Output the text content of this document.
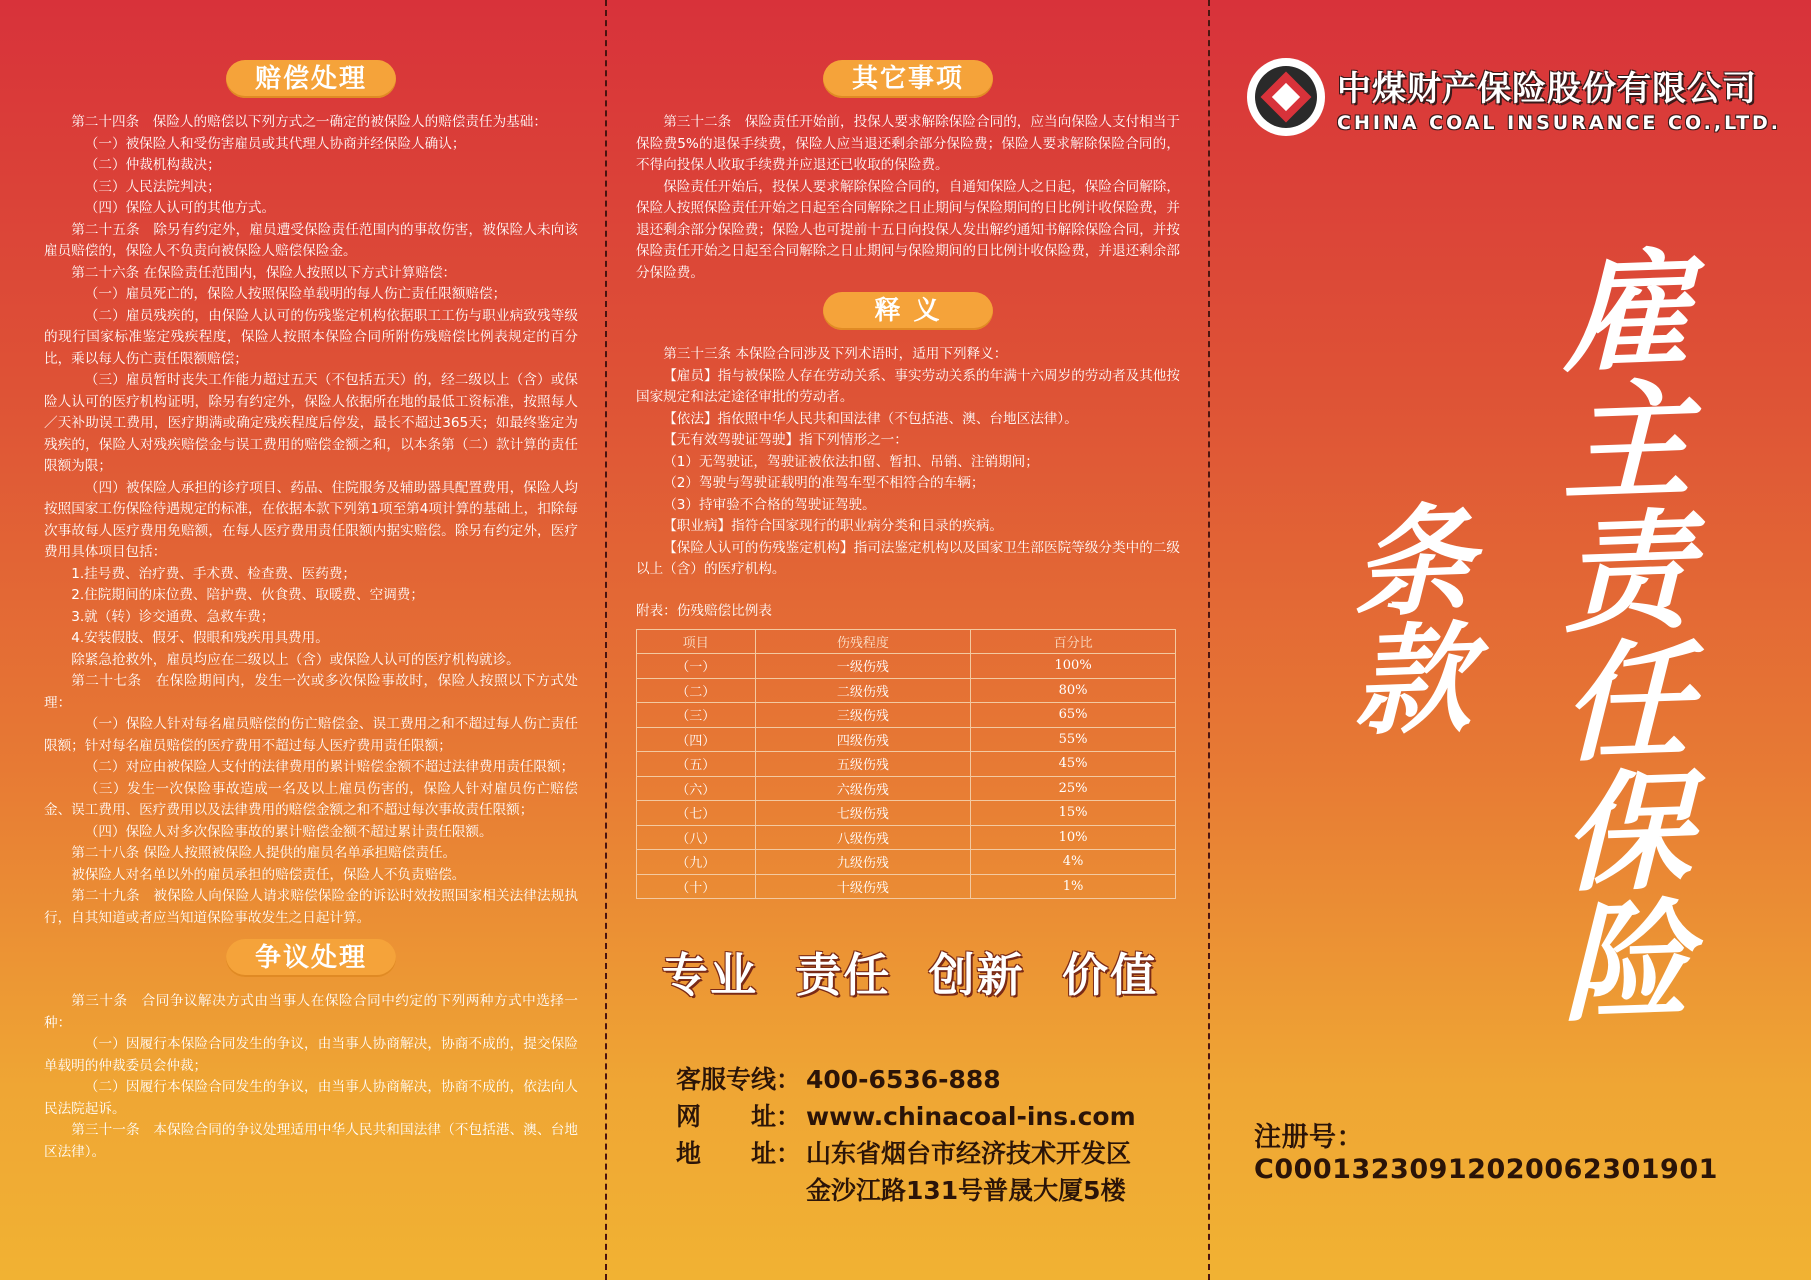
赔偿处理

第二十四条　保险人的赔偿以下列方式之一确定的被保险人的赔偿责任为基础：

（一）被保险人和受伤害雇员或其代理人协商并经保险人确认；

（二）仲裁机构裁决；

（三）人民法院判决；

（四）保险人认可的其他方式。

第二十五条　除另有约定外，雇员遭受保险责任范围内的事故伤害，被保险人未向该雇员赔偿的，保险人不负责向被保险人赔偿保险金。

第二十六条 在保险责任范围内，保险人按照以下方式计算赔偿：

（一）雇员死亡的，保险人按照保险单载明的每人伤亡责任限额赔偿；

（二）雇员残疾的，由保险人认可的伤残鉴定机构依据职工工伤与职业病致残等级的现行国家标准鉴定残疾程度，保险人按照本保险合同所附伤残赔偿比例表规定的百分比，乘以每人伤亡责任限额赔偿；

（三）雇员暂时丧失工作能力超过五天（不包括五天）的，经二级以上（含）或保险人认可的医疗机构证明，除另有约定外，保险人依据所在地的最低工资标准，按照每人／天补助误工费用，医疗期满或确定残疾程度后停发，最长不超过365天；如最终鉴定为残疾的，保险人对残疾赔偿金与误工费用的赔偿金额之和，以本条第（二）款计算的责任限额为限；

（四）被保险人承担的诊疗项目、药品、住院服务及辅助器具配置费用，保险人均按照国家工伤保险待遇规定的标准，在依据本款下列第1项至第4项计算的基础上，扣除每次事故每人医疗费用免赔额，在每人医疗费用责任限额内据实赔偿。除另有约定外，医疗费用具体项目包括：

1.挂号费、治疗费、手术费、检查费、医药费；

2.住院期间的床位费、陪护费、伙食费、取暖费、空调费；

3.就（转）诊交通费、急救车费；

4.安装假肢、假牙、假眼和残疾用具费用。

除紧急抢救外，雇员均应在二级以上（含）或保险人认可的医疗机构就诊。

第二十七条　在保险期间内，发生一次或多次保险事故时，保险人按照以下方式处理：

（一）保险人针对每名雇员赔偿的伤亡赔偿金、误工费用之和不超过每人伤亡责任限额；针对每名雇员赔偿的医疗费用不超过每人医疗费用责任限额；

（二）对应由被保险人支付的法律费用的累计赔偿金额不超过法律费用责任限额；

（三）发生一次保险事故造成一名及以上雇员伤害的，保险人针对雇员伤亡赔偿金、误工费用、医疗费用以及法律费用的赔偿金额之和不超过每次事故责任限额；

（四）保险人对多次保险事故的累计赔偿金额不超过累计责任限额。

第二十八条 保险人按照被保险人提供的雇员名单承担赔偿责任。

被保险人对名单以外的雇员承担的赔偿责任，保险人不负责赔偿。

第二十九条　被保险人向保险人请求赔偿保险金的诉讼时效按照国家相关法律法规执行，自其知道或者应当知道保险事故发生之日起计算。

争议处理

第三十条　合同争议解决方式由当事人在保险合同中约定的下列两种方式中选择一种：

（一）因履行本保险合同发生的争议，由当事人协商解决，协商不成的，提交保险单载明的仲裁委员会仲裁；

（二）因履行本保险合同发生的争议，由当事人协商解决，协商不成的，依法向人民法院起诉。

第三十一条　本保险合同的争议处理适用中华人民共和国法律（不包括港、澳、台地区法律）。

其它事项

第三十二条　保险责任开始前，投保人要求解除保险合同的，应当向保险人支付相当于保险费5%的退保手续费，保险人应当退还剩余部分保险费；保险人要求解除保险合同的，不得向投保人收取手续费并应退还已收取的保险费。

保险责任开始后，投保人要求解除保险合同的，自通知保险人之日起，保险合同解除，保险人按照保险责任开始之日起至合同解除之日止期间与保险期间的日比例计收保险费，并退还剩余部分保险费；保险人也可提前十五日向投保人发出解约通知书解除保险合同，并按保险责任开始之日起至合同解除之日止期间与保险期间的日比例计收保险费，并退还剩余部分保险费。

释 义

第三十三条 本保险合同涉及下列术语时，适用下列释义：

【雇员】指与被保险人存在劳动关系、事实劳动关系的年满十六周岁的劳动者及其他按国家规定和法定途径审批的劳动者。

【依法】指依照中华人民共和国法律（不包括港、澳、台地区法律）。

【无有效驾驶证驾驶】指下列情形之一：

（1）无驾驶证，驾驶证被依法扣留、暂扣、吊销、注销期间；

（2）驾驶与驾驶证载明的准驾车型不相符合的车辆；

（3）持审验不合格的驾驶证驾驶。

【职业病】指符合国家现行的职业病分类和目录的疾病。

【保险人认可的伤残鉴定机构】指司法鉴定机构以及国家卫生部医院等级分类中的二级以上（含）的医疗机构。

附表：伤残赔偿比例表
项目	伤残程度	百分比
（一）	一级伤残	100%
（二）	二级伤残	80%
（三）	三级伤残	65%
（四）	四级伤残	55%
（五）	五级伤残	45%
（六）	六级伤残	25%
（七）	七级伤残	15%
（八）	八级伤残	10%
（九）	九级伤残	4%
（十）	十级伤残	1%
专业 责任 创新 价值
客服专线： 400-6536-888
网　　址： www.chinacoal-ins.com
地　　址： 山东省烟台市经济技术开发区
金沙江路131号普晟大厦5楼
中煤财产保险股份有限公司
CHINA COAL INSURANCE CO.,LTD.
雇主责任保险
条款
注册号：C00013230912020062301901
